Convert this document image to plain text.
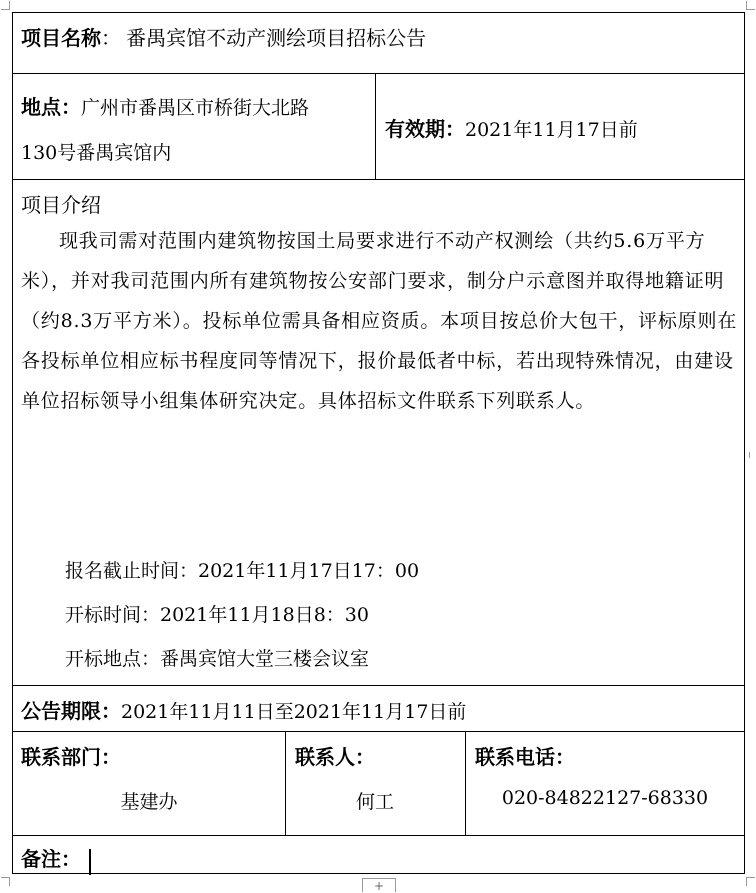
项目名称： 番禺宾馆不动产测绘项目招标公告
地点：广州市番禺区市桥街大北路
130号番禺宾馆内
有效期：2021年11月17日前

项目介绍

现我司需对范围内建筑物按国土局要求进行不动产权测绘（共约5.6万平方米），并对我司范围内所有建筑物按公安部门要求，制分户示意图并取得地籍证明（约8.3万平方米）。投标单位需具备相应资质。本项目按总价大包干，评标原则在各投标单位相应标书程度同等情况下，报价最低者中标，若出现特殊情况，由建设单位招标领导小组集体研究决定。具体招标文件联系下列联系人。

报名截止时间：2021年11月17日17：00
开标时间：2021年11月18日8：30
开标地点：番禺宾馆大堂三楼会议室
公告期限：2021年11月11日至2021年11月17日前
联系部门：
基建办
联系人：
何工
联系电话：
020-84822127-68330
备注：
+
